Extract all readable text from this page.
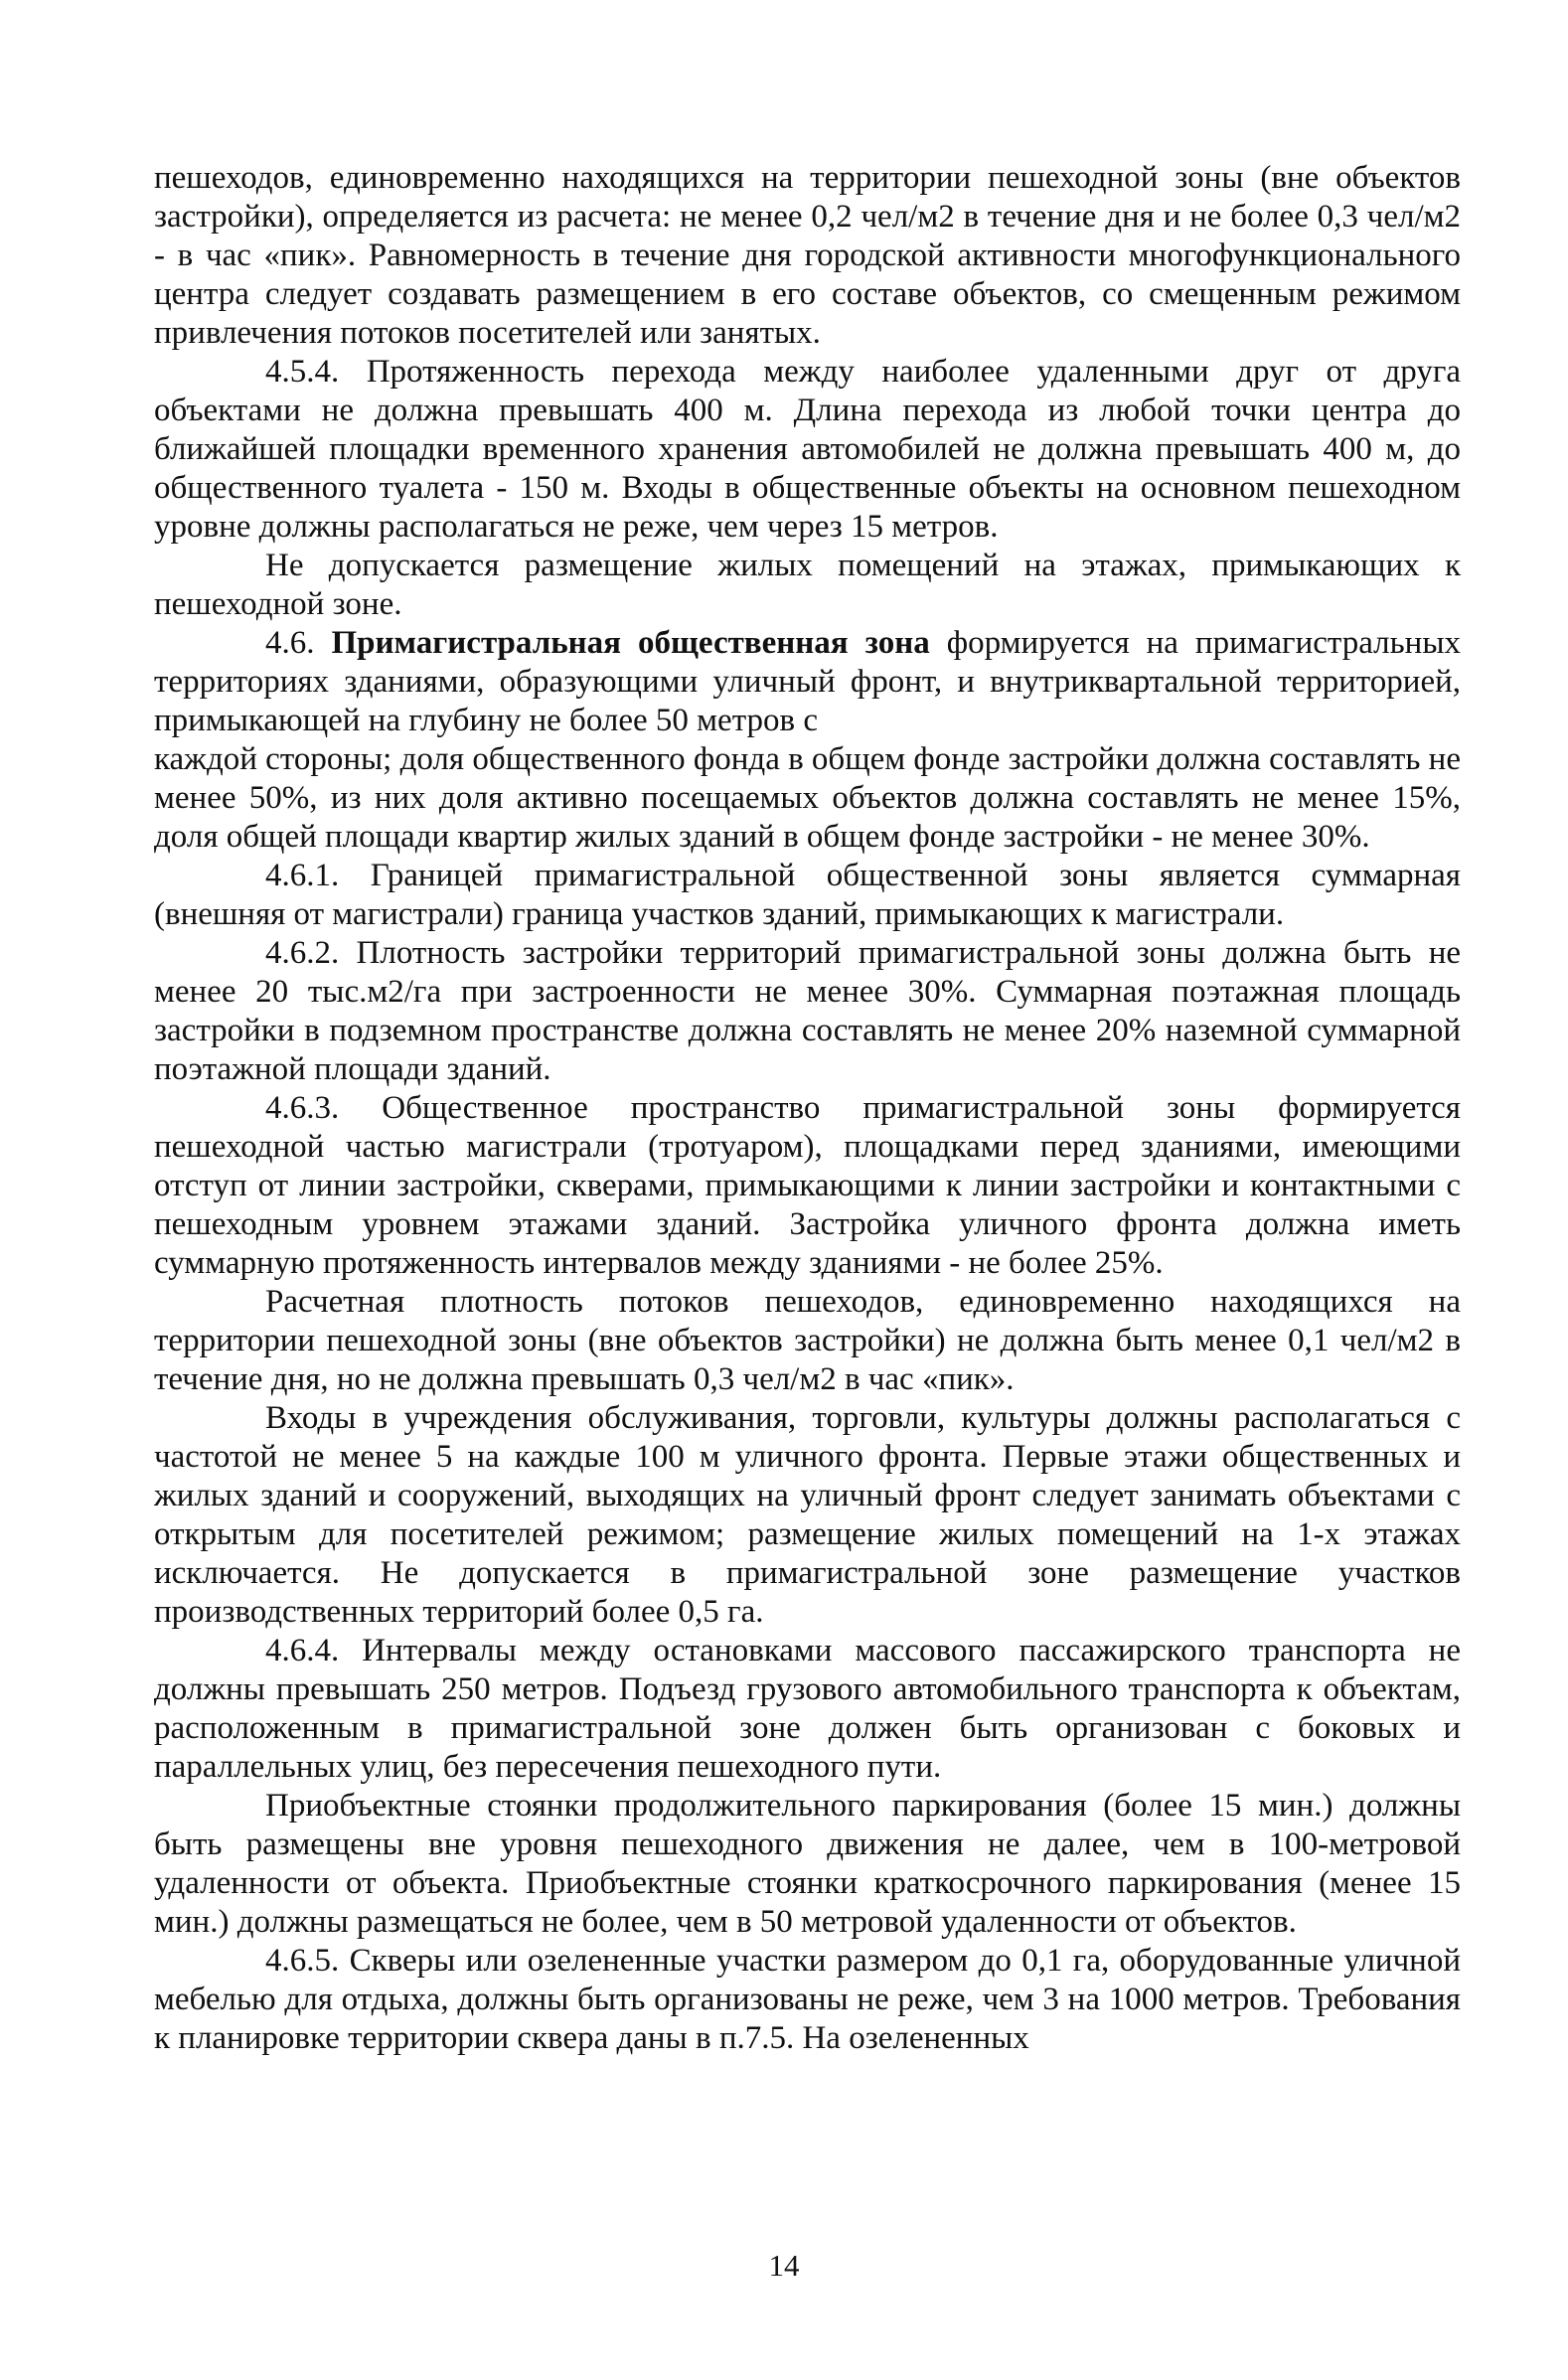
пешеходов, единовременно находящихся на территории пешеходной зоны (вне объектов застройки), определяется из расчета: не менее 0,2 чел/м2 в течение дня и не более 0,3 чел/м2 - в час «пик». Равномерность в течение дня городской активности многофункционального центра следует создавать размещением в его составе объектов, со смещенным режимом привлечения потоков посетителей или занятых.

4.5.4. Протяженность перехода между наиболее удаленными друг от друга объектами не должна превышать 400 м. Длина перехода из любой точки центра до ближайшей площадки временного хранения автомобилей не должна превышать 400 м, до общественного туалета - 150 м. Входы в общественные объекты на основном пешеходном уровне должны располагаться не реже, чем через 15 метров.

Не допускается размещение жилых помещений на этажах, примыкающих к пешеходной зоне.

4.6. Примагистральная общественная зона формируется на примагистральных территориях зданиями, образующими уличный фронт, и внутриквартальной территорией, примыкающей на глубину не более 50 метров с

каждой стороны; доля общественного фонда в общем фонде застройки должна составлять не менее 50%, из них доля активно посещаемых объектов должна составлять не менее 15%, доля общей площади квартир жилых зданий в общем фонде застройки - не менее 30%.

4.6.1. Границей примагистральной общественной зоны является суммарная (внешняя от магистрали) граница участков зданий, примыкающих к магистрали.

4.6.2. Плотность застройки территорий примагистральной зоны должна быть не менее 20 тыс.м2/га при застроенности не менее 30%. Суммарная поэтажная площадь застройки в подземном пространстве должна составлять не менее 20% наземной суммарной поэтажной площади зданий.

4.6.3. Общественное пространство примагистральной зоны формируется пешеходной частью магистрали (тротуаром), площадками перед зданиями, имеющими отступ от линии застройки, скверами, примыкающими к линии застройки и контактными с пешеходным уровнем этажами зданий. Застройка уличного фронта должна иметь суммарную протяженность интервалов между зданиями - не более 25%.

Расчетная плотность потоков пешеходов, единовременно находящихся на территории пешеходной зоны (вне объектов застройки) не должна быть менее 0,1 чел/м2 в течение дня, но не должна превышать 0,3 чел/м2 в час «пик».

Входы в учреждения обслуживания, торговли, культуры должны располагаться с частотой не менее 5 на каждые 100 м уличного фронта. Первые этажи общественных и жилых зданий и сооружений, выходящих на уличный фронт следует занимать объектами с открытым для посетителей режимом; размещение жилых помещений на 1-х этажах исключается. Не допускается в примагистральной зоне размещение участков производственных территорий более 0,5 га.

4.6.4. Интервалы между остановками массового пассажирского транспорта не должны превышать 250 метров. Подъезд грузового автомобильного транспорта к объектам, расположенным в примагистральной зоне должен быть организован с боковых и параллельных улиц, без пересечения пешеходного пути.

Приобъектные стоянки продолжительного паркирования (более 15 мин.) должны быть размещены вне уровня пешеходного движения не далее, чем в 100-метровой удаленности от объекта. Приобъектные стоянки краткосрочного паркирования (менее 15 мин.) должны размещаться не более, чем в 50 метровой удаленности от объектов.

4.6.5. Скверы или озелененные участки размером до 0,1 га, оборудованные уличной мебелью для отдыха, должны быть организованы не реже, чем 3 на 1000 метров. Требования к планировке территории сквера даны в п.7.5. На озелененных

14
